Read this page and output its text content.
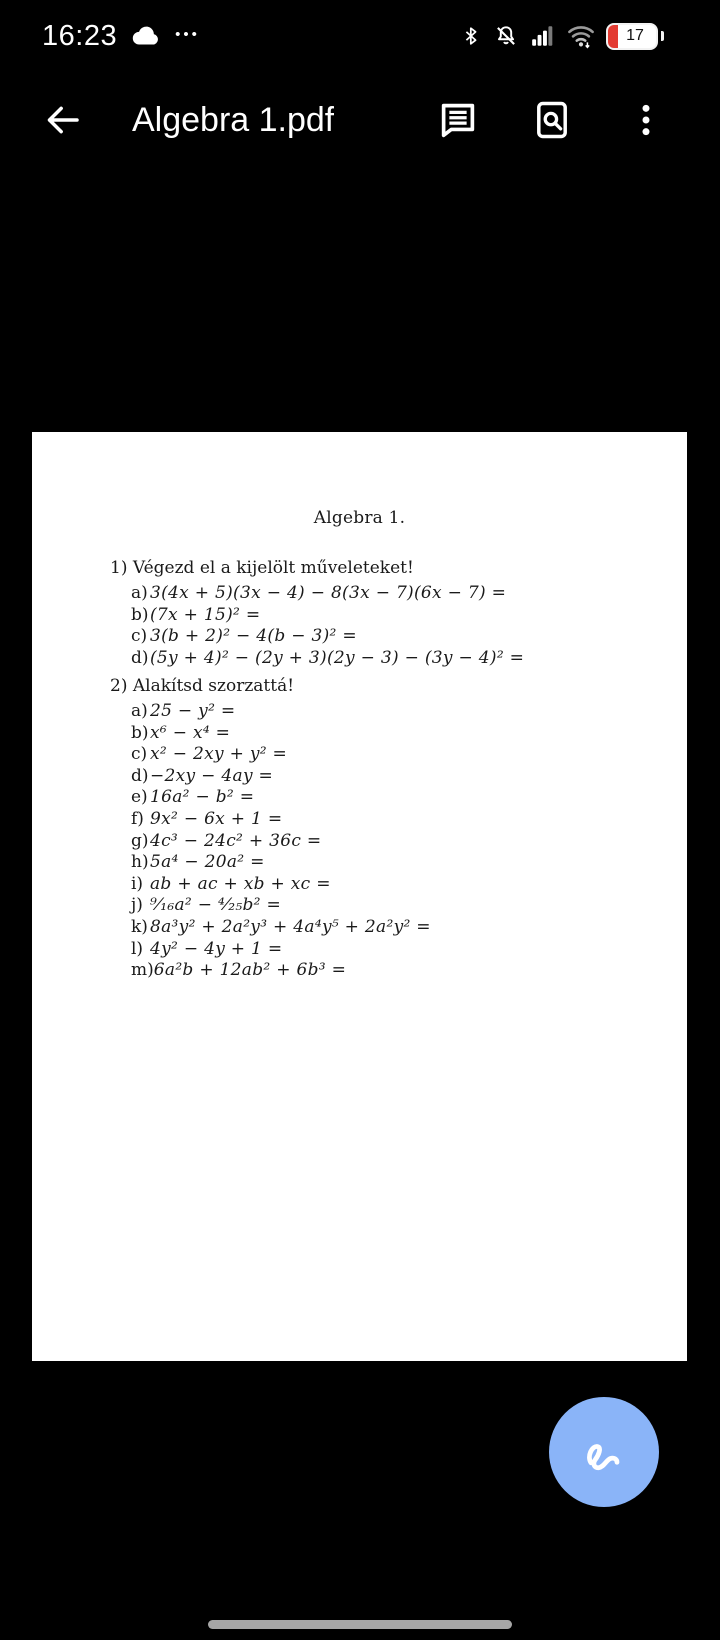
16:23	•••	17
Algebra 1.pdf
Algebra 1.
1) Végezd el a kijelölt műveleteket!
a) 3(4x + 5)(3x − 4) − 8(3x − 7)(6x − 7) =
b)(7x + 15)² =
c) 3(b + 2)² − 4(b − 3)² =
d)(5y + 4)² − (2y + 3)(2y − 3) − (3y − 4)² =
2) Alakítsd szorzattá!
a) 25 − y² =
b)x⁶ − x⁴ =
c) x² − 2xy + y² =
d)−2xy − 4ay =
e) 16a² − b² =
f) 9x² − 6x + 1 =
g)4c³ − 24c² + 36c =
h)5a⁴ − 20a² =
i) ab + ac + xb + xc =
j) ⁹⁄₁₆a² − ⁴⁄₂₅b² =
k) 8a³y² + 2a²y³ + 4a⁴y⁵ + 2a²y² =
l) 4y² − 4y + 1 =
m)6a²b + 12ab² + 6b³ =
